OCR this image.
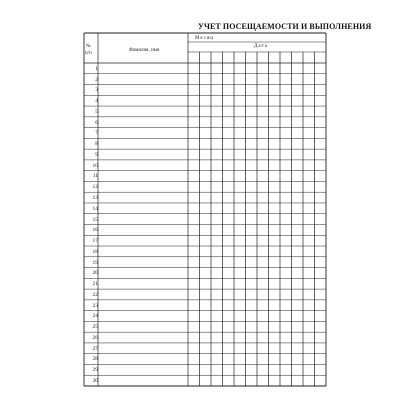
УЧЕТ ПОСЕЩАЕМОСТИ И ВЫПОЛНЕНИЯ
№
п/п
Фамилия, имя
Месяц
Дата
1
2
3
4
5
6
7
8
9
10
11
12
13
14
15
16
17
18
19
20
21
22
23
24
25
26
27
28
29
30
